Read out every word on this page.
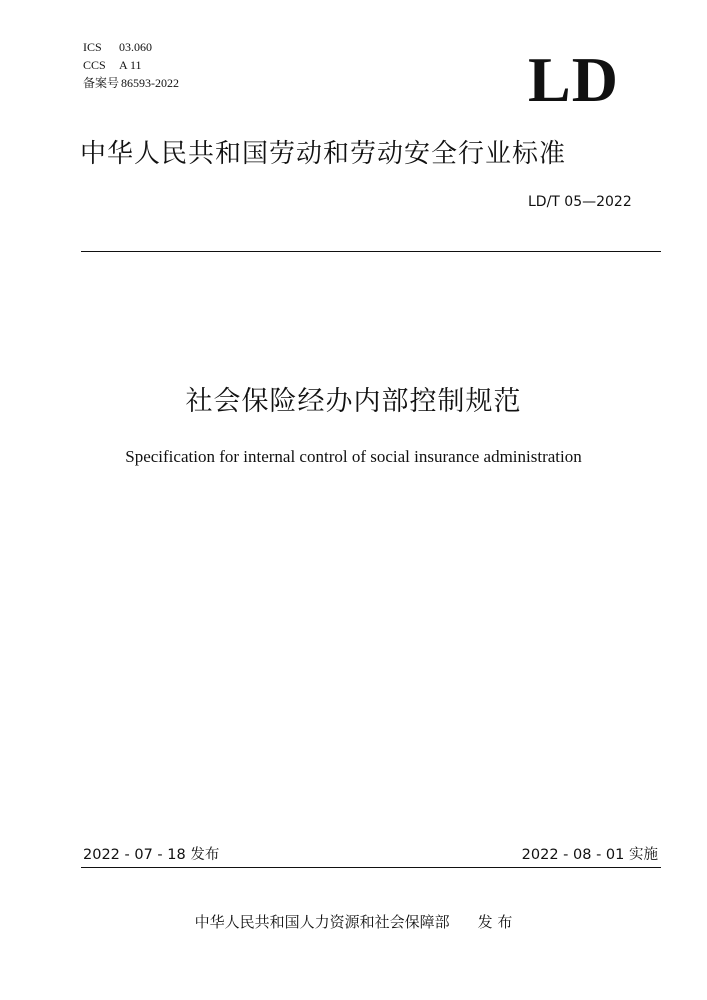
ICS	03.060
CCS	A 11
备案号 86593-2022	LD
中华人民共和国劳动和劳动安全行业标准
LD/T 05—2022
社会保险经办内部控制规范
Specification for internal control of social insurance administration
2022 - 07 - 18 发布	2022 - 08 - 01 实施
中华人民共和国人力资源和社会保障部 发 布
